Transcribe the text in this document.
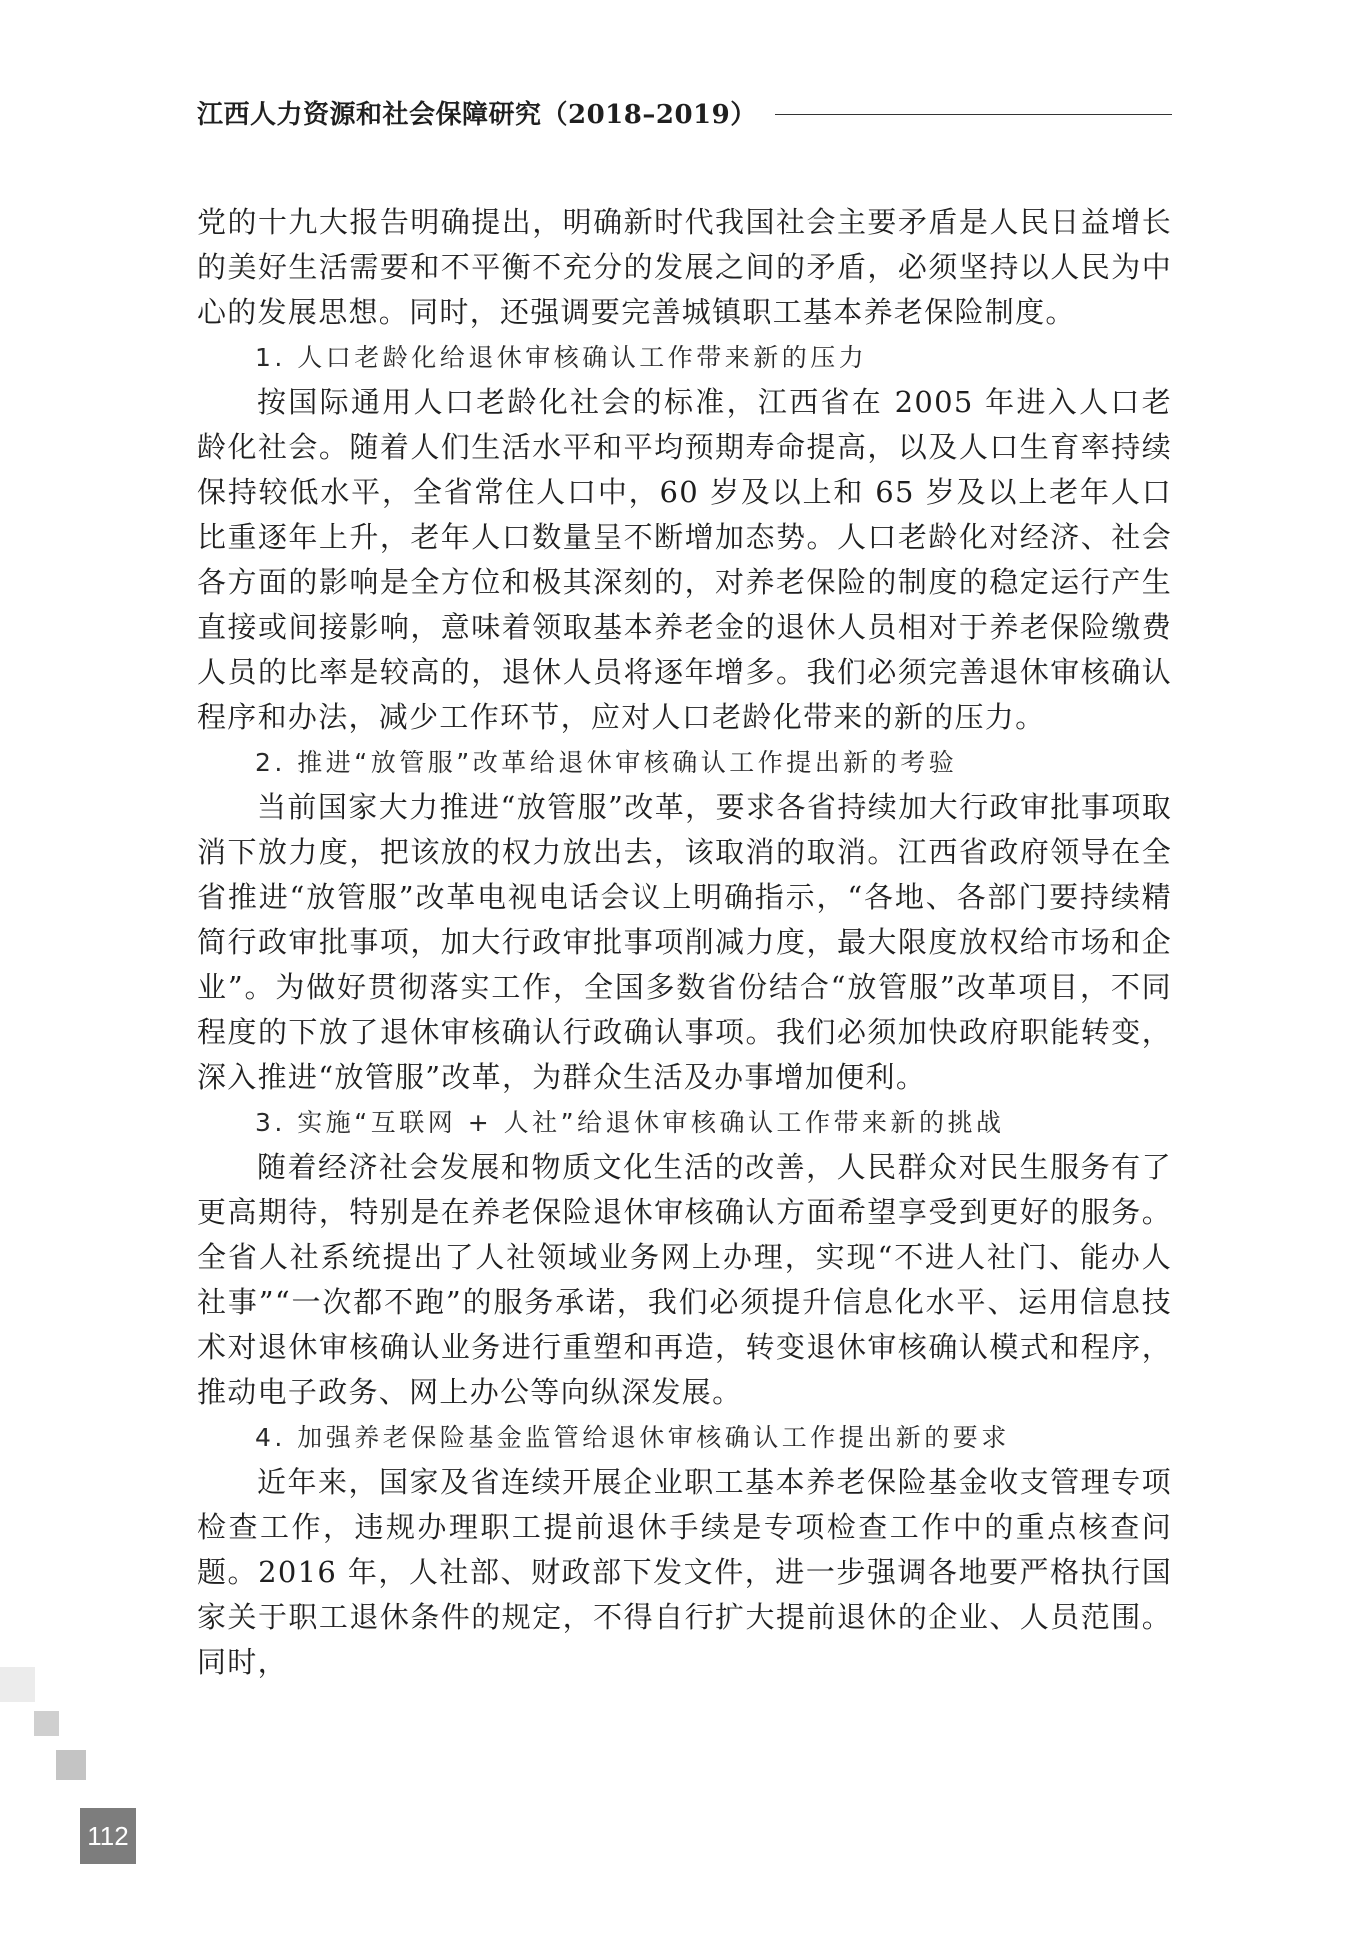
江西人力资源和社会保障研究（2018–2019）

党的十九大报告明确提出，明确新时代我国社会主要矛盾是人民日益增长的美好生活需要和不平衡不充分的发展之间的矛盾，必须坚持以人民为中心的发展思想。同时，还强调要完善城镇职工基本养老保险制度。

1. 人口老龄化给退休审核确认工作带来新的压力

按国际通用人口老龄化社会的标准，江西省在 2005 年进入人口老龄化社会。随着人们生活水平和平均预期寿命提高，以及人口生育率持续保持较低水平，全省常住人口中，60 岁及以上和 65 岁及以上老年人口比重逐年上升，老年人口数量呈不断增加态势。人口老龄化对经济、社会各方面的影响是全方位和极其深刻的，对养老保险的制度的稳定运行产生直接或间接影响，意味着领取基本养老金的退休人员相对于养老保险缴费人员的比率是较高的，退休人员将逐年增多。我们必须完善退休审核确认程序和办法，减少工作环节，应对人口老龄化带来的新的压力。

2. 推进“放管服”改革给退休审核确认工作提出新的考验

当前国家大力推进“放管服”改革，要求各省持续加大行政审批事项取消下放力度，把该放的权力放出去，该取消的取消。江西省政府领导在全省推进“放管服”改革电视电话会议上明确指示，“各地、各部门要持续精简行政审批事项，加大行政审批事项削减力度，最大限度放权给市场和企业”。为做好贯彻落实工作，全国多数省份结合“放管服”改革项目，不同程度的下放了退休审核确认行政确认事项。我们必须加快政府职能转变，深入推进“放管服”改革，为群众生活及办事增加便利。

3. 实施“互联网 + 人社”给退休审核确认工作带来新的挑战

随着经济社会发展和物质文化生活的改善，人民群众对民生服务有了更高期待，特别是在养老保险退休审核确认方面希望享受到更好的服务。全省人社系统提出了人社领域业务网上办理，实现“不进人社门、能办人社事”“一次都不跑”的服务承诺，我们必须提升信息化水平、运用信息技术对退休审核确认业务进行重塑和再造，转变退休审核确认模式和程序，推动电子政务、网上办公等向纵深发展。

4. 加强养老保险基金监管给退休审核确认工作提出新的要求

近年来，国家及省连续开展企业职工基本养老保险基金收支管理专项检查工作，违规办理职工提前退休手续是专项检查工作中的重点核查问题。2016 年，人社部、财政部下发文件，进一步强调各地要严格执行国家关于职工退休条件的规定，不得自行扩大提前退休的企业、人员范围。同时，

112
